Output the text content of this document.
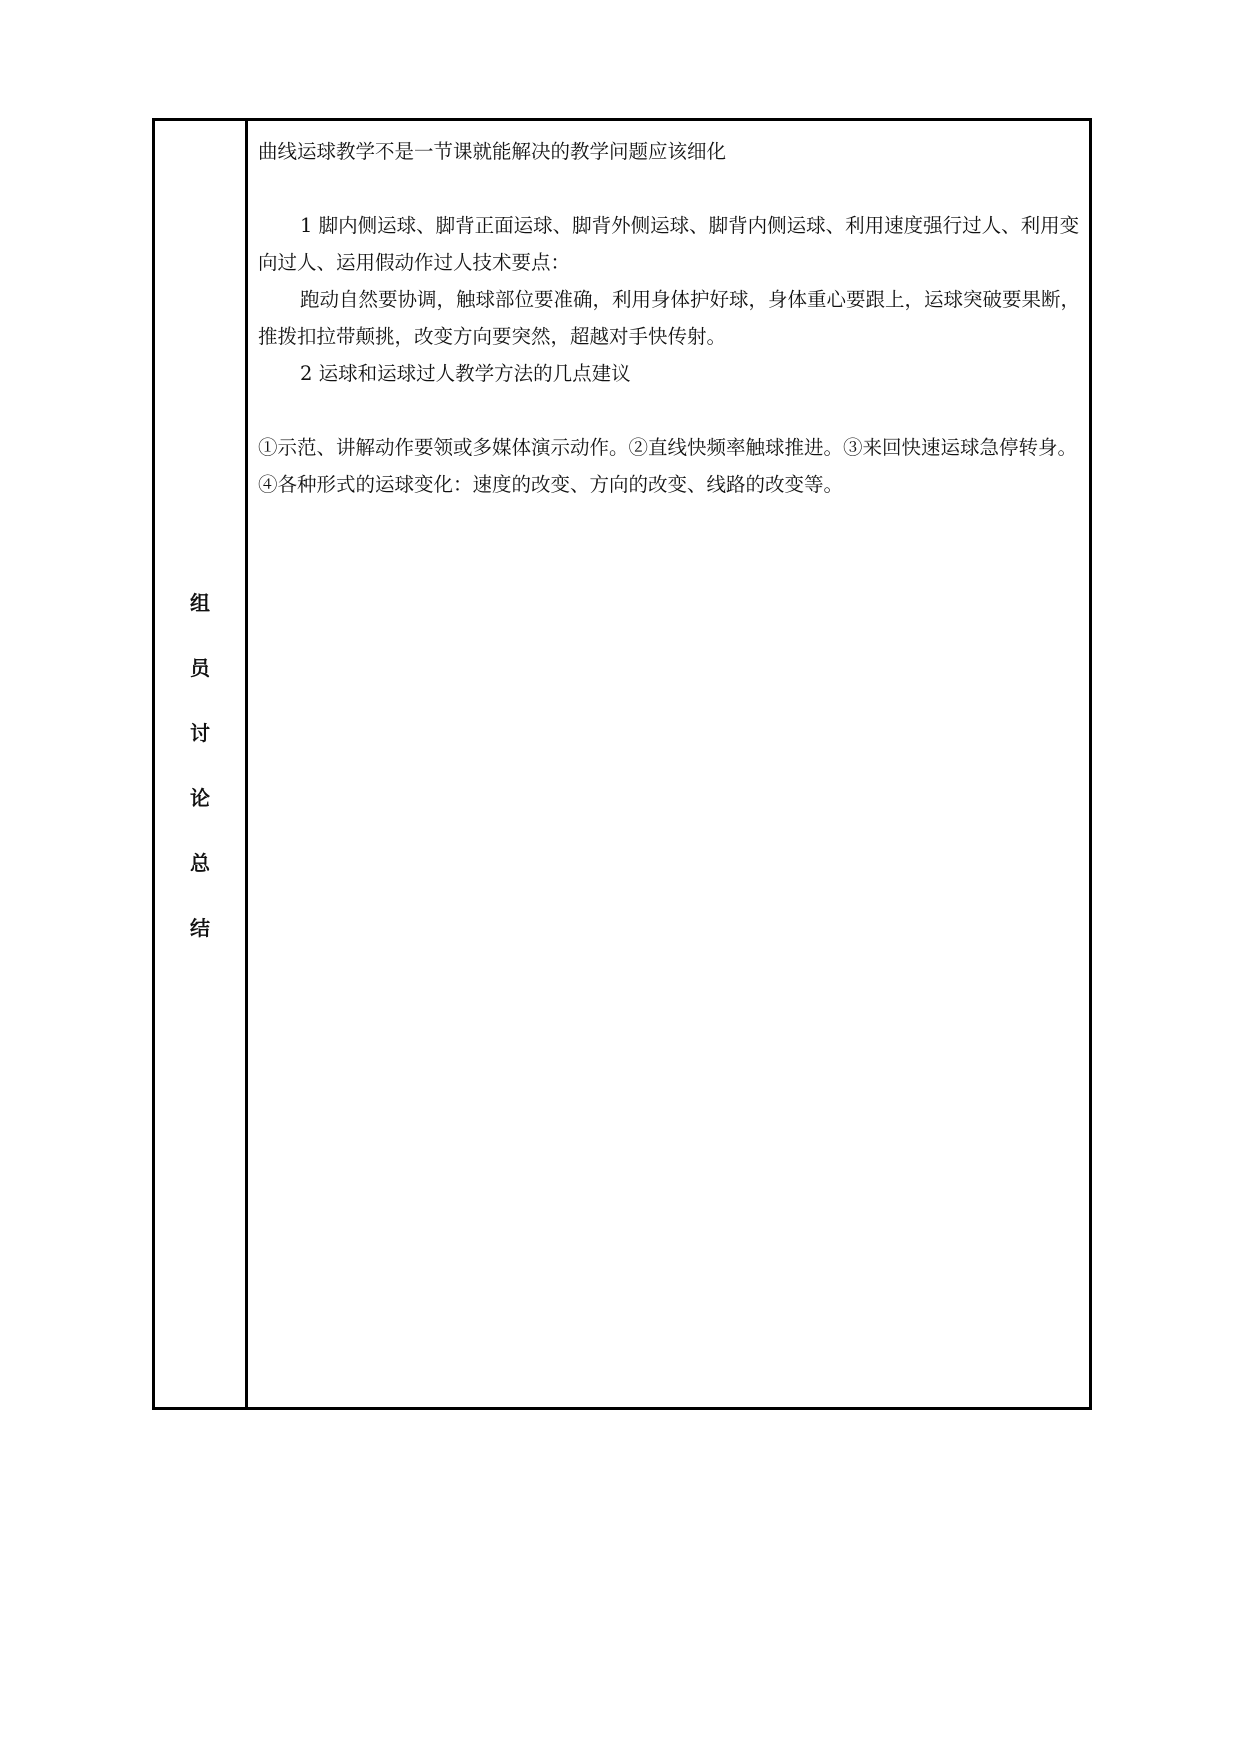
组
员
讨
论
总
结

曲线运球教学不是一节课就能解决的教学问题应该细化

1 脚内侧运球、脚背正面运球、脚背外侧运球、脚背内侧运球、利用速度强行过人、利用变向过人、运用假动作过人技术要点：

跑动自然要协调，触球部位要准确，利用身体护好球，身体重心要跟上，运球突破要果断，推拨扣拉带颠挑，改变方向要突然，超越对手快传射。

2 运球和运球过人教学方法的几点建议

①示范、讲解动作要领或多媒体演示动作。②直线快频率触球推进。③来回快速运球急停转身。④各种形式的运球变化：速度的改变、方向的改变、线路的改变等。
